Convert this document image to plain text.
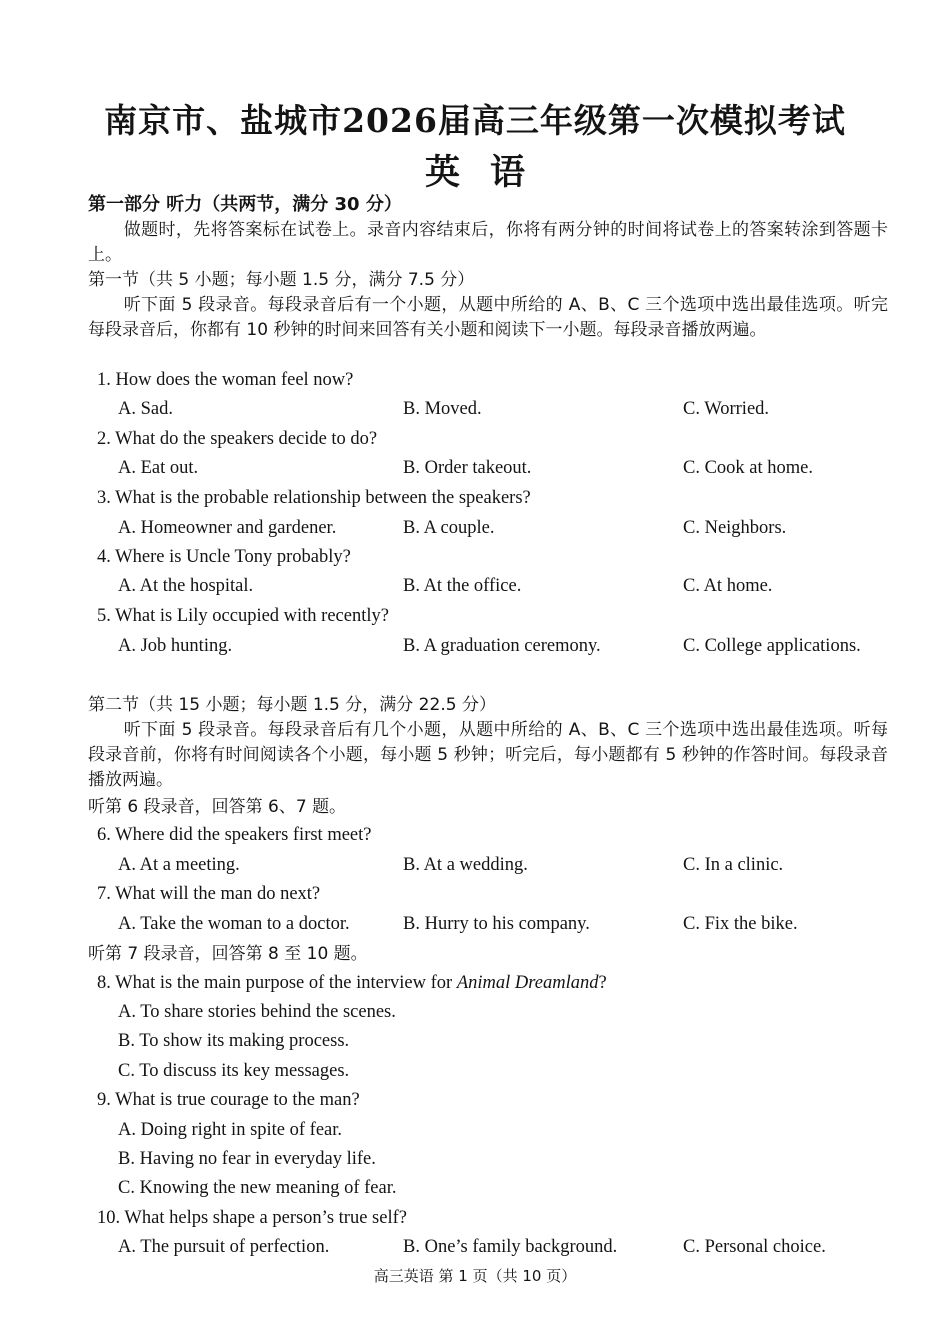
南京市、盐城市2026届高三年级第一次模拟考试
英语
第一部分 听力（共两节，满分 30 分）
做题时，先将答案标在试卷上。录音内容结束后，你将有两分钟的时间将试卷上的答案转涂到答题卡上。
第一节（共 5 小题；每小题 1.5 分，满分 7.5 分）
听下面 5 段录音。每段录音后有一个小题，从题中所给的 A、B、C 三个选项中选出最佳选项。听完每段录音后，你都有 10 秒钟的时间来回答有关小题和阅读下一小题。每段录音播放两遍。
1. How does the woman feel now?
A. Sad.	B. Moved.	C. Worried.
2. What do the speakers decide to do?
A. Eat out.	B. Order takeout.	C. Cook at home.
3. What is the probable relationship between the speakers?
A. Homeowner and gardener.	B. A couple.	C. Neighbors.
4. Where is Uncle Tony probably?
A. At the hospital.	B. At the office.	C. At home.
5. What is Lily occupied with recently?
A. Job hunting.	B. A graduation ceremony.	C. College applications.
第二节（共 15 小题；每小题 1.5 分，满分 22.5 分）
听下面 5 段录音。每段录音后有几个小题，从题中所给的 A、B、C 三个选项中选出最佳选项。听每段录音前，你将有时间阅读各个小题，每小题 5 秒钟；听完后，每小题都有 5 秒钟的作答时间。每段录音播放两遍。
听第 6 段录音，回答第 6、7 题。
6. Where did the speakers first meet?
A. At a meeting.	B. At a wedding.	C. In a clinic.
7. What will the man do next?
A. Take the woman to a doctor.	B. Hurry to his company.	C. Fix the bike.
听第 7 段录音，回答第 8 至 10 题。
8. What is the main purpose of the interview for Animal Dreamland?
A. To share stories behind the scenes.
B. To show its making process.
C. To discuss its key messages.
9. What is true courage to the man?
A. Doing right in spite of fear.
B. Having no fear in everyday life.
C. Knowing the new meaning of fear.
10. What helps shape a person’s true self?
A. The pursuit of perfection.	B. One’s family background.	C. Personal choice.
高三英语 第 1 页（共 10 页）
